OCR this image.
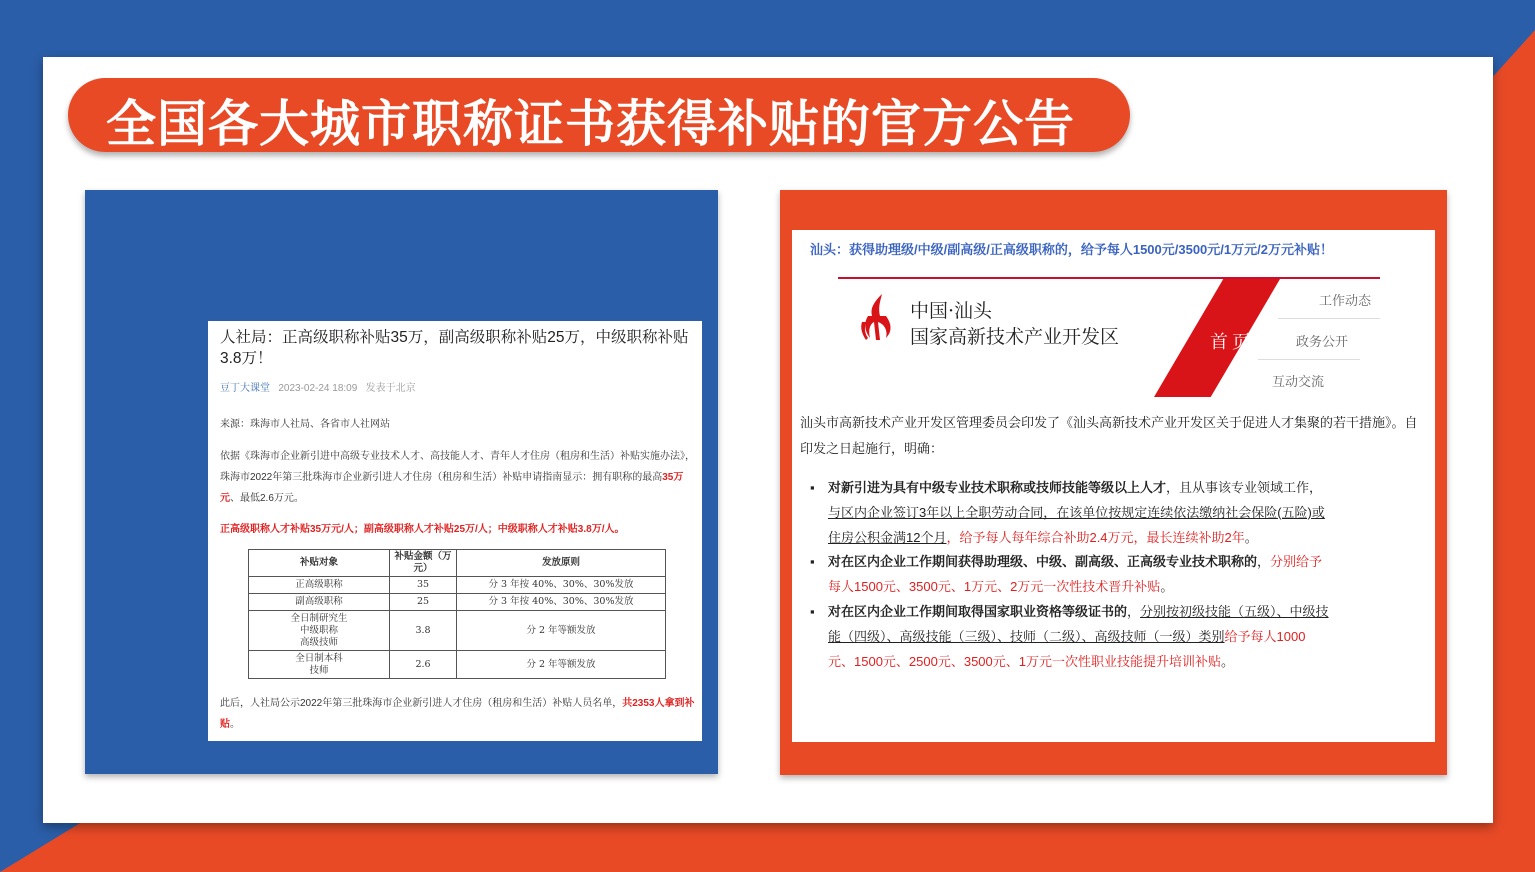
全国各大城市职称证书获得补贴的官方公告
人社局：正高级职称补贴35万，副高级职称补贴25万，中级职称补贴3.8万！
豆丁大课堂 2023-02-24 18:09 发表于北京
来源：珠海市人社局、各省市人社网站
依据《珠海市企业新引进中高级专业技术人才、高技能人才、青年人才住房（租房和生活）补贴实施办法》，珠海市2022年第三批珠海市企业新引进人才住房（租房和生活）补贴申请指南显示：拥有职称的最高35万元、最低2.6万元。
正高级职称人才补贴35万元/人；副高级职称人才补贴25万/人；中级职称人才补贴3.8万/人。
补贴对象	补贴金额（万元）	发放原则
正高级职称	35	分 3 年按 40%、30%、30%发放
副高级职称	25	分 3 年按 40%、30%、30%发放
全日制研究生
中级职称
高级技师	3.8	分 2 年等额发放
全日制本科
技师	2.6	分 2 年等额发放
此后，人社局公示2022年第三批珠海市企业新引进人才住房（租房和生活）补贴人员名单，共2353人拿到补贴。
汕头：获得助理级/中级/副高级/正高级职称的，给予每人1500元/3500元/1万元/2万元补贴！
中国·汕头
国家高新技术产业开发区	首页
工作动态
政务公开
互动交流
汕头市高新技术产业开发区管理委员会印发了《汕头高新技术产业开发区关于促进人才集聚的若干措施》。自印发之日起施行，明确：
▪ 对新引进为具有中级专业技术职称或技师技能等级以上人才，且从事该专业领域工作，与区内企业签订3年以上全职劳动合同，在该单位按规定连续依法缴纳社会保险(五险)或住房公积金满12个月，给予每人每年综合补助2.4万元，最长连续补助2年。
▪ 对在区内企业工作期间获得助理级、中级、副高级、正高级专业技术职称的，分别给予每人1500元、3500元、1万元、2万元一次性技术晋升补贴。
▪ 对在区内企业工作期间取得国家职业资格等级证书的，分别按初级技能（五级）、中级技能（四级）、高级技能（三级）、技师（二级）、高级技师（一级）类别给予每人1000元、1500元、2500元、3500元、1万元一次性职业技能提升培训补贴。
